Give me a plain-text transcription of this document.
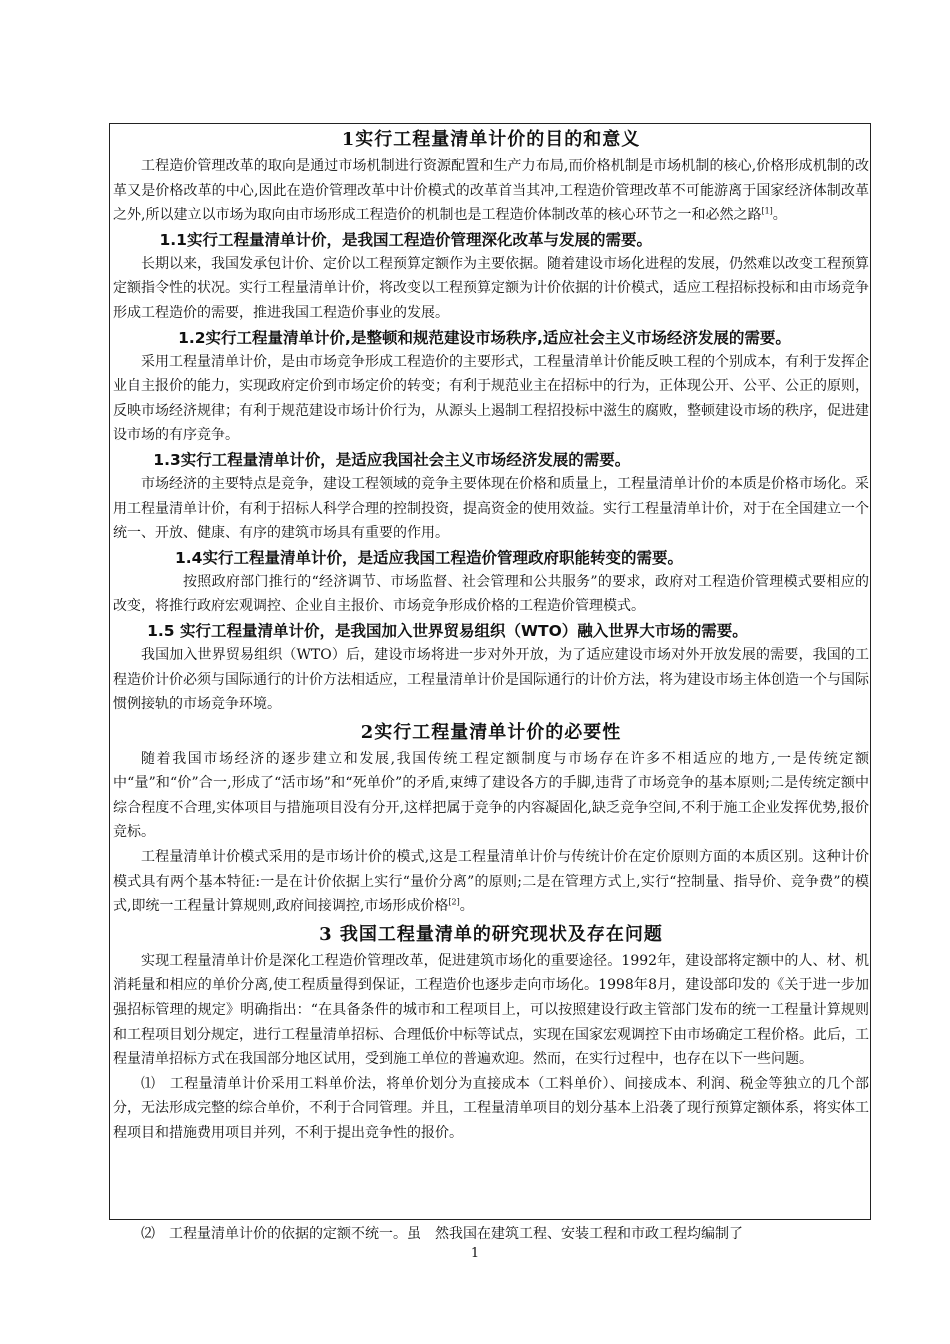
1实行工程量清单计价的目的和意义

工程造价管理改革的取向是通过市场机制进行资源配置和生产力布局,而价格机制是市场机制的核心,价格形成机制的改革又是价格改革的中心,因此在造价管理改革中计价模式的改革首当其冲,工程造价管理改革不可能游离于国家经济体制改革之外,所以建立以市场为取向由市场形成工程造价的机制也是工程造价体制改革的核心环节之一和必然之路[1]。

1.1实行工程量清单计价，是我国工程造价管理深化改革与发展的需要。

长期以来，我国发承包计价、定价以工程预算定额作为主要依据。随着建设市场化进程的发展，仍然难以改变工程预算定额指令性的状况。实行工程量清单计价，将改变以工程预算定额为计价依据的计价模式，适应工程招标投标和由市场竞争形成工程造价的需要，推进我国工程造价事业的发展。

1.2实行工程量清单计价,是整顿和规范建设市场秩序,适应社会主义市场经济发展的需要。

采用工程量清单计价，是由市场竞争形成工程造价的主要形式，工程量清单计价能反映工程的个别成本，有利于发挥企业自主报价的能力，实现政府定价到市场定价的转变；有利于规范业主在招标中的行为，正体现公开、公平、公正的原则，反映市场经济规律；有利于规范建设市场计价行为，从源头上遏制工程招投标中滋生的腐败，整顿建设市场的秩序，促进建设市场的有序竞争。

1.3实行工程量清单计价，是适应我国社会主义市场经济发展的需要。

市场经济的主要特点是竞争，建设工程领域的竞争主要体现在价格和质量上，工程量清单计价的本质是价格市场化。采用工程量清单计价，有利于招标人科学合理的控制投资，提高资金的使用效益。实行工程量清单计价，对于在全国建立一个统一、开放、健康、有序的建筑市场具有重要的作用。

1.4实行工程量清单计价，是适应我国工程造价管理政府职能转变的需要。

按照政府部门推行的“经济调节、市场监督、社会管理和公共服务”的要求，政府对工程造价管理模式要相应的改变，将推行政府宏观调控、企业自主报价、市场竞争形成价格的工程造价管理模式。

1.5 实行工程量清单计价，是我国加入世界贸易组织（WTO）融入世界大市场的需要。

我国加入世界贸易组织（WTO）后，建设市场将进一步对外开放，为了适应建设市场对外开放发展的需要，我国的工程造价计价必须与国际通行的计价方法相适应，工程量清单计价是国际通行的计价方法，将为建设市场主体创造一个与国际惯例接轨的市场竞争环境。

2实行工程量清单计价的必要性

随着我国市场经济的逐步建立和发展,我国传统工程定额制度与市场存在许多不相适应的地方,一是传统定额中“量”和“价”合一,形成了“活市场”和“死单价”的矛盾,束缚了建设各方的手脚,违背了市场竞争的基本原则;二是传统定额中综合程度不合理,实体项目与措施项目没有分开,这样把属于竞争的内容凝固化,缺乏竞争空间,不利于施工企业发挥优势,报价竞标。

工程量清单计价模式采用的是市场计价的模式,这是工程量清单计价与传统计价在定价原则方面的本质区别。这种计价模式具有两个基本特征:一是在计价依据上实行“量价分离”的原则;二是在管理方式上,实行“控制量、指导价、竞争费”的模式,即统一工程量计算规则,政府间接调控,市场形成价格[2]。

3 我国工程量清单的研究现状及存在问题

实现工程量清单计价是深化工程造价管理改革，促进建筑市场化的重要途径。1992年，建设部将定额中的人、材、机消耗量和相应的单价分离,使工程质量得到保证，工程造价也逐步走向市场化。1998年8月，建设部印发的《关于进一步加强招标管理的规定》明确指出：“在具备条件的城市和工程项目上，可以按照建设行政主管部门发布的统一工程量计算规则和工程项目划分规定，进行工程量清单招标、合理低价中标等试点，实现在国家宏观调控下由市场确定工程价格。此后，工程量清单招标方式在我国部分地区试用，受到施工单位的普遍欢迎。然而，在实行过程中，也存在以下一些问题。

⑴　工程量清单计价采用工料单价法，将单价划分为直接成本（工料单价）、间接成本、利润、税金等独立的几个部分，无法形成完整的综合单价，不利于合同管理。并且，工程量清单项目的划分基本上沿袭了现行预算定额体系，将实体工程项目和措施费用项目并列，不利于提出竞争性的报价。

⑵　工程量清单计价的依据的定额不统一。虽　然我国在建筑工程、安装工程和市政工程均编制了
1
